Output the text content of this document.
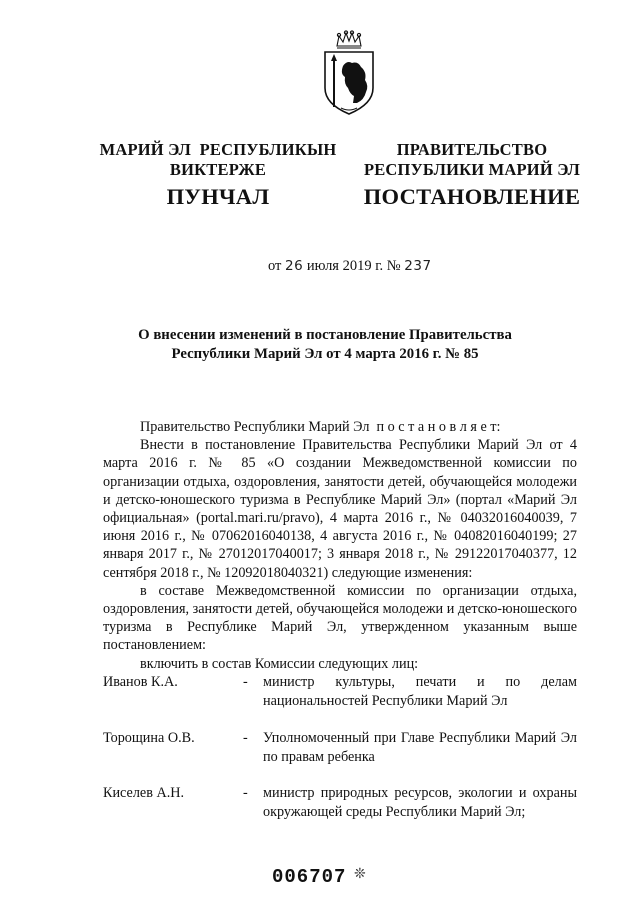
МАРИЙ ЭЛ  РЕСПУБЛИКЫН
ВИКТЕРЖЕ
ПУНЧАЛ
ПРАВИТЕЛЬСТВО
РЕСПУБЛИКИ МАРИЙ ЭЛ
ПОСТАНОВЛЕНИЕ
от 26 июля 2019 г. № 237
О внесении изменений в постановление Правительства
Республики Марий Эл от 4 марта 2016 г. № 85

Правительство Республики Марий Эл  п о с т а н о в л я е т:

Внести в постановление Правительства Республики Марий Эл от 4 марта 2016 г. № 85 «О создании Межведомственной комиссии по организации отдыха, оздоровления, занятости детей, обучающейся молодежи и детско-юношеского туризма в Республике Марий Эл» (портал «Марий Эл официальная» (portal.mari.ru/pravo), 4 марта 2016 г., № 04032016040039, 7 июня 2016 г., № 07062016040138, 4 августа 2016 г., № 04082016040199; 27 января 2017 г., № 27012017040017; 3 января 2018 г., № 29122017040377, 12 сентября 2018 г., № 12092018040321) следующие изменения:

в составе Межведомственной комиссии по организации отдыха, оздоровления, занятости детей, обучающейся молодежи и детско-юношеского туризма в Республике Марий Эл, утвержденном указанным выше постановлением:

включить в состав Комиссии следующих лиц:

Иванов К.А.	-	министр культуры, печати и по делам национальностей Республики Марий Эл
Торощина О.В.	-	Уполномоченный при Главе Республики Марий Эл по правам ребенка
Киселев А.Н.	-	министр природных ресурсов, экологии и охраны окружающей среды Республики Марий Эл;
006707 ❊
